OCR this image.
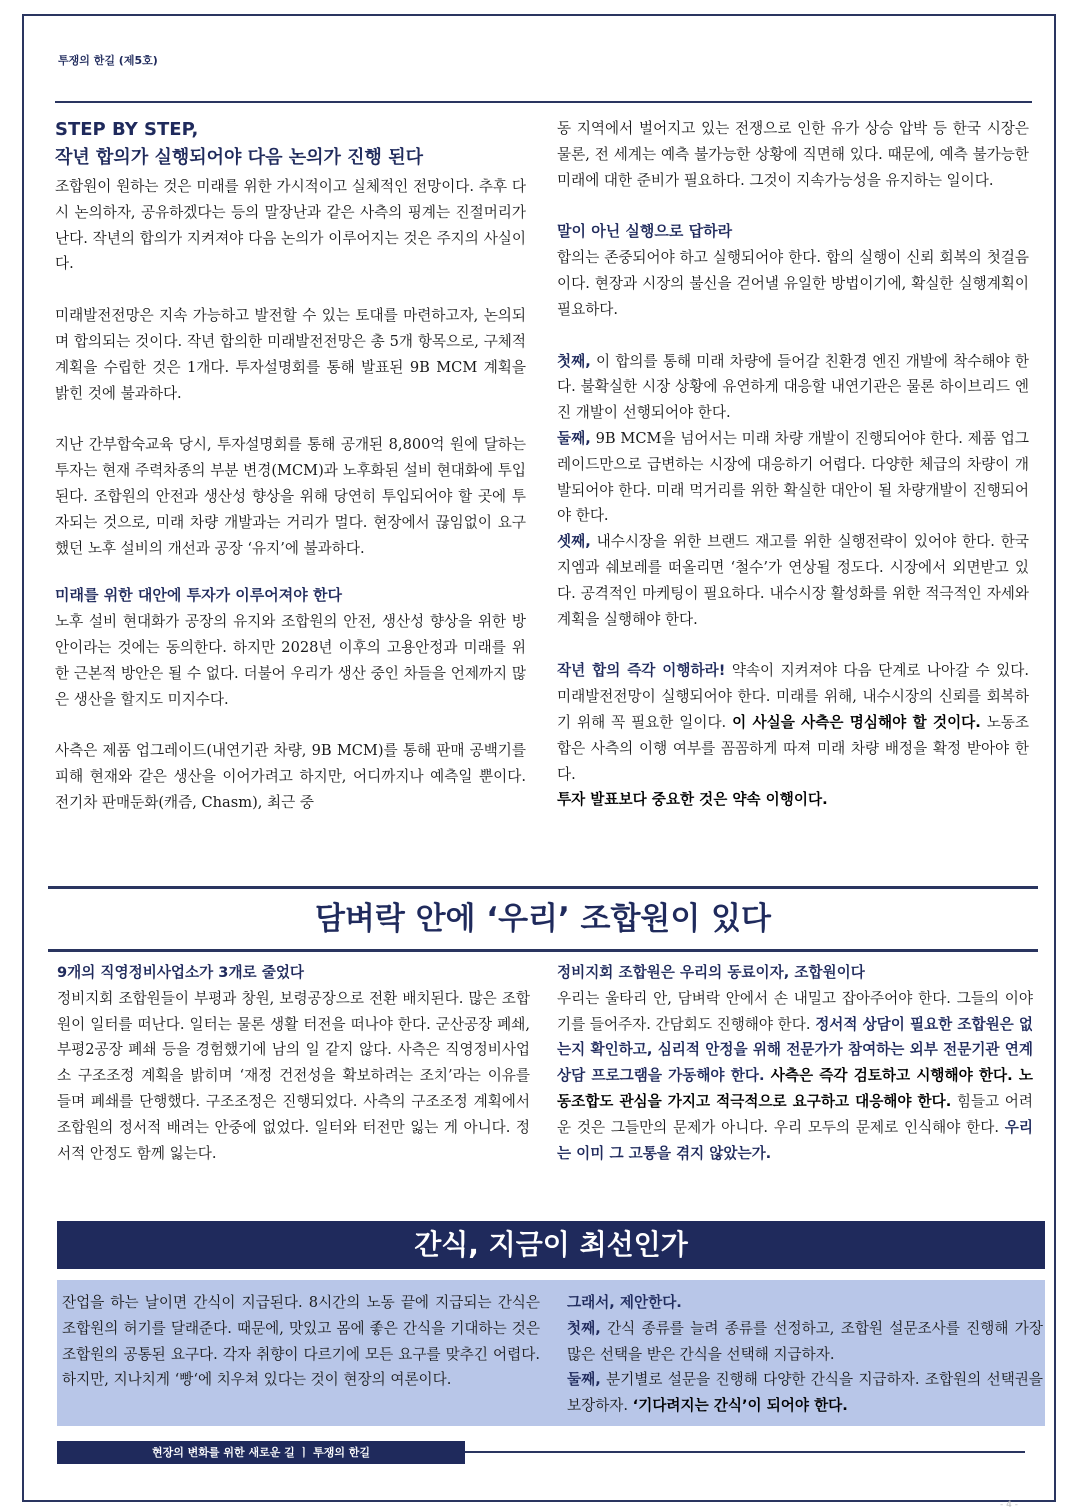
투쟁의 한길 (제5호)
STEP BY STEP,
작년 합의가 실행되어야 다음 논의가 진행 된다

조합원이 원하는 것은 미래를 위한 가시적이고 실체적인 전망이다. 추후 다시 논의하자, 공유하겠다는 등의 말장난과 같은 사측의 핑계는 진절머리가 난다. 작년의 합의가 지켜져야 다음 논의가 이루어지는 것은 주지의 사실이다.

미래발전전망은 지속 가능하고 발전할 수 있는 토대를 마련하고자, 논의되며 합의되는 것이다. 작년 합의한 미래발전전망은 총 5개 항목으로, 구체적 계획을 수립한 것은 1개다. 투자설명회를 통해 발표된 9B MCM 계획을 밝힌 것에 불과하다.

지난 간부합숙교육 당시, 투자설명회를 통해 공개된 8,800억 원에 달하는 투자는 현재 주력차종의 부분 변경(MCM)과 노후화된 설비 현대화에 투입된다. 조합원의 안전과 생산성 향상을 위해 당연히 투입되어야 할 곳에 투자되는 것으로, 미래 차량 개발과는 거리가 멀다. 현장에서 끊임없이 요구했던 노후 설비의 개선과 공장 ‘유지’에 불과하다.

미래를 위한 대안에 투자가 이루어져야 한다

노후 설비 현대화가 공장의 유지와 조합원의 안전, 생산성 향상을 위한 방안이라는 것에는 동의한다. 하지만 2028년 이후의 고용안정과 미래를 위한 근본적 방안은 될 수 없다. 더불어 우리가 생산 중인 차들을 언제까지 많은 생산을 할지도 미지수다.

사측은 제품 업그레이드(내연기관 차량, 9B MCM)를 통해 판매 공백기를 피해 현재와 같은 생산을 이어가려고 하지만, 어디까지나 예측일 뿐이다. 전기차 판매둔화(캐즘, Chasm), 최근 중

동 지역에서 벌어지고 있는 전쟁으로 인한 유가 상승 압박 등 한국 시장은 물론, 전 세계는 예측 불가능한 상황에 직면해 있다. 때문에, 예측 불가능한 미래에 대한 준비가 필요하다. 그것이 지속가능성을 유지하는 일이다.

말이 아닌 실행으로 답하라

합의는 존중되어야 하고 실행되어야 한다. 합의 실행이 신뢰 회복의 첫걸음이다. 현장과 시장의 불신을 걷어낼 유일한 방법이기에, 확실한 실행계획이 필요하다.

첫째, 이 합의를 통해 미래 차량에 들어갈 친환경 엔진 개발에 착수해야 한다. 불확실한 시장 상황에 유연하게 대응할 내연기관은 물론 하이브리드 엔진 개발이 선행되어야 한다.

둘째, 9B MCM을 넘어서는 미래 차량 개발이 진행되어야 한다. 제품 업그레이드만으로 급변하는 시장에 대응하기 어렵다. 다양한 체급의 차량이 개발되어야 한다. 미래 먹거리를 위한 확실한 대안이 될 차량개발이 진행되어야 한다.

셋째, 내수시장을 위한 브랜드 재고를 위한 실행전략이 있어야 한다. 한국지엠과 쉐보레를 떠올리면 ‘철수’가 연상될 정도다. 시장에서 외면받고 있다. 공격적인 마케팅이 필요하다. 내수시장 활성화를 위한 적극적인 자세와 계획을 실행해야 한다.

작년 합의 즉각 이행하라! 약속이 지켜져야 다음 단계로 나아갈 수 있다. 미래발전전망이 실행되어야 한다. 미래를 위해, 내수시장의 신뢰를 회복하기 위해 꼭 필요한 일이다. 이 사실을 사측은 명심해야 할 것이다. 노동조합은 사측의 이행 여부를 꼼꼼하게 따져 미래 차량 배정을 확정 받아야 한다.

투자 발표보다 중요한 것은 약속 이행이다.

담벼락 안에 ‘우리’ 조합원이 있다
9개의 직영정비사업소가 3개로 줄었다

정비지회 조합원들이 부평과 창원, 보령공장으로 전환 배치된다. 많은 조합원이 일터를 떠난다. 일터는 물론 생활 터전을 떠나야 한다. 군산공장 폐쇄, 부평2공장 폐쇄 등을 경험했기에 남의 일 같지 않다. 사측은 직영정비사업소 구조조정 계획을 밝히며 ‘재정 건전성을 확보하려는 조치’라는 이유를 들며 폐쇄를 단행했다. 구조조정은 진행되었다. 사측의 구조조정 계획에서 조합원의 정서적 배려는 안중에 없었다. 일터와 터전만 잃는 게 아니다. 정서적 안정도 함께 잃는다.

정비지회 조합원은 우리의 동료이자, 조합원이다

우리는 울타리 안, 담벼락 안에서 손 내밀고 잡아주어야 한다. 그들의 이야기를 들어주자. 간담회도 진행해야 한다. 정서적 상담이 필요한 조합원은 없는지 확인하고, 심리적 안정을 위해 전문가가 참여하는 외부 전문기관 연계 상담 프로그램을 가동해야 한다. 사측은 즉각 검토하고 시행해야 한다. 노동조합도 관심을 가지고 적극적으로 요구하고 대응해야 한다. 힘들고 어려운 것은 그들만의 문제가 아니다. 우리 모두의 문제로 인식해야 한다. 우리는 이미 그 고통을 겪지 않았는가.

간식, 지금이 최선인가

잔업을 하는 날이면 간식이 지급된다. 8시간의 노동 끝에 지급되는 간식은 조합원의 허기를 달래준다. 때문에, 맛있고 몸에 좋은 간식을 기대하는 것은 조합원의 공통된 요구다. 각자 취향이 다르기에 모든 요구를 맞추긴 어렵다. 하지만, 지나치게 ‘빵‘에 치우쳐 있다는 것이 현장의 여론이다.

그래서, 제안한다.

첫째, 간식 종류를 늘려 종류를 선정하고, 조합원 설문조사를 진행해 가장 많은 선택을 받은 간식을 선택해 지급하자.

둘째, 분기별로 설문을 진행해 다양한 간식을 지급하자. 조합원의 선택권을 보장하자. ‘기다려지는 간식’이 되어야 한다.

현장의 변화를 위한 새로운 길 ㅣ 투쟁의 한길
- 4 -
